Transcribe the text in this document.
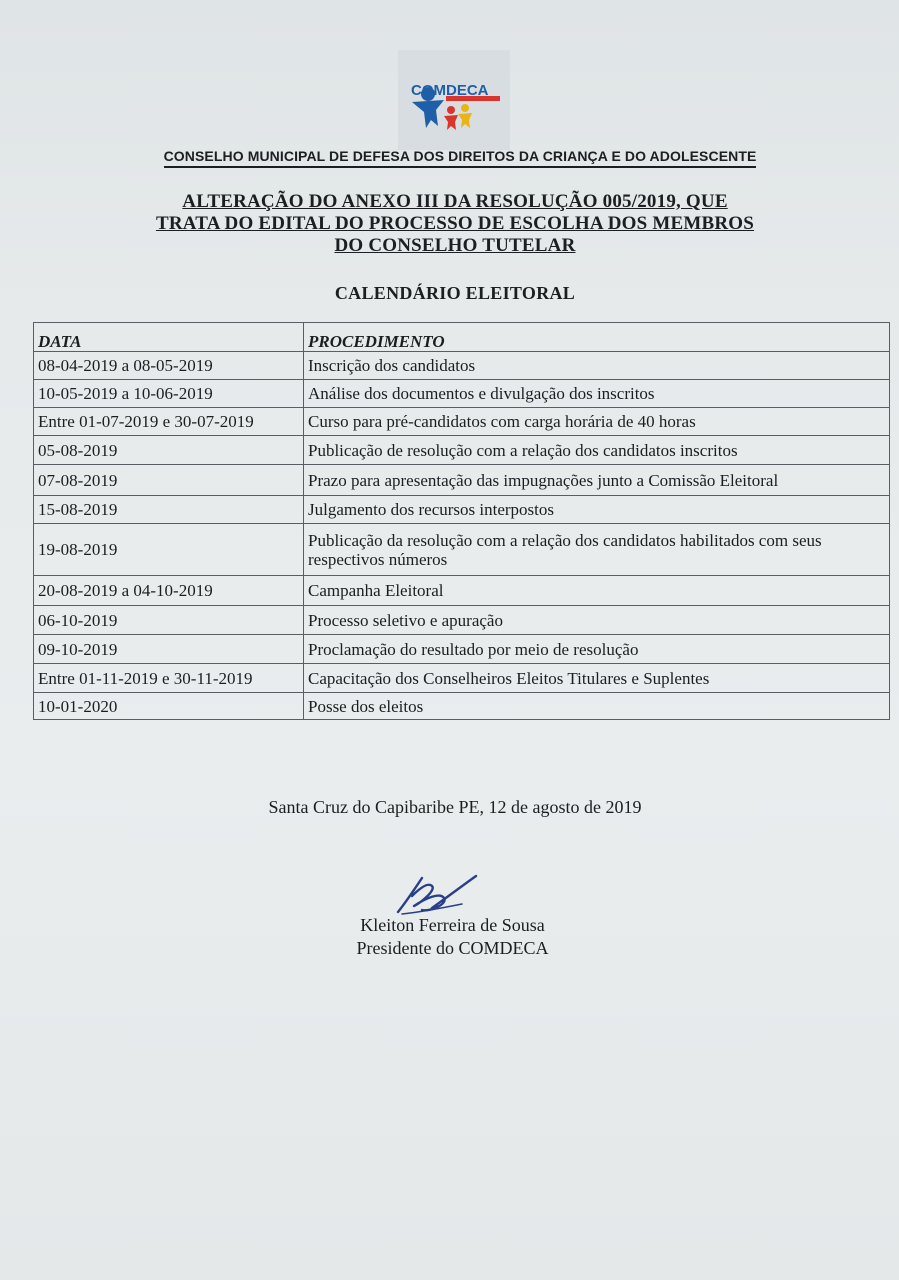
COMDECA
CONSELHO MUNICIPAL DE DEFESA DOS DIREITOS DA CRIANÇA E DO ADOLESCENTE
ALTERAÇÃO DO ANEXO III DA RESOLUÇÃO 005/2019, QUE
TRATA DO EDITAL DO PROCESSO DE ESCOLHA DOS MEMBROS
DO CONSELHO TUTELAR
CALENDÁRIO ELEITORAL
DATA	PROCEDIMENTO
08-04-2019 a 08-05-2019	Inscrição dos candidatos
10-05-2019 a 10-06-2019	Análise dos documentos e divulgação dos inscritos
Entre 01-07-2019 e 30-07-2019	Curso para pré-candidatos com carga horária de 40 horas
05-08-2019	Publicação de resolução com a relação dos candidatos inscritos
07-08-2019	Prazo para apresentação das impugnações junto a Comissão Eleitoral
15-08-2019	Julgamento dos recursos interpostos
19-08-2019	Publicação da resolução com a relação dos candidatos habilitados com seus respectivos números
20-08-2019 a 04-10-2019	Campanha Eleitoral
06-10-2019	Processo seletivo e apuração
09-10-2019	Proclamação do resultado por meio de resolução
Entre 01-11-2019 e 30-11-2019	Capacitação dos Conselheiros Eleitos Titulares e Suplentes
10-01-2020	Posse dos eleitos
Santa Cruz do Capibaribe PE, 12 de agosto de 2019
Kleiton Ferreira de Sousa
Presidente do COMDECA
